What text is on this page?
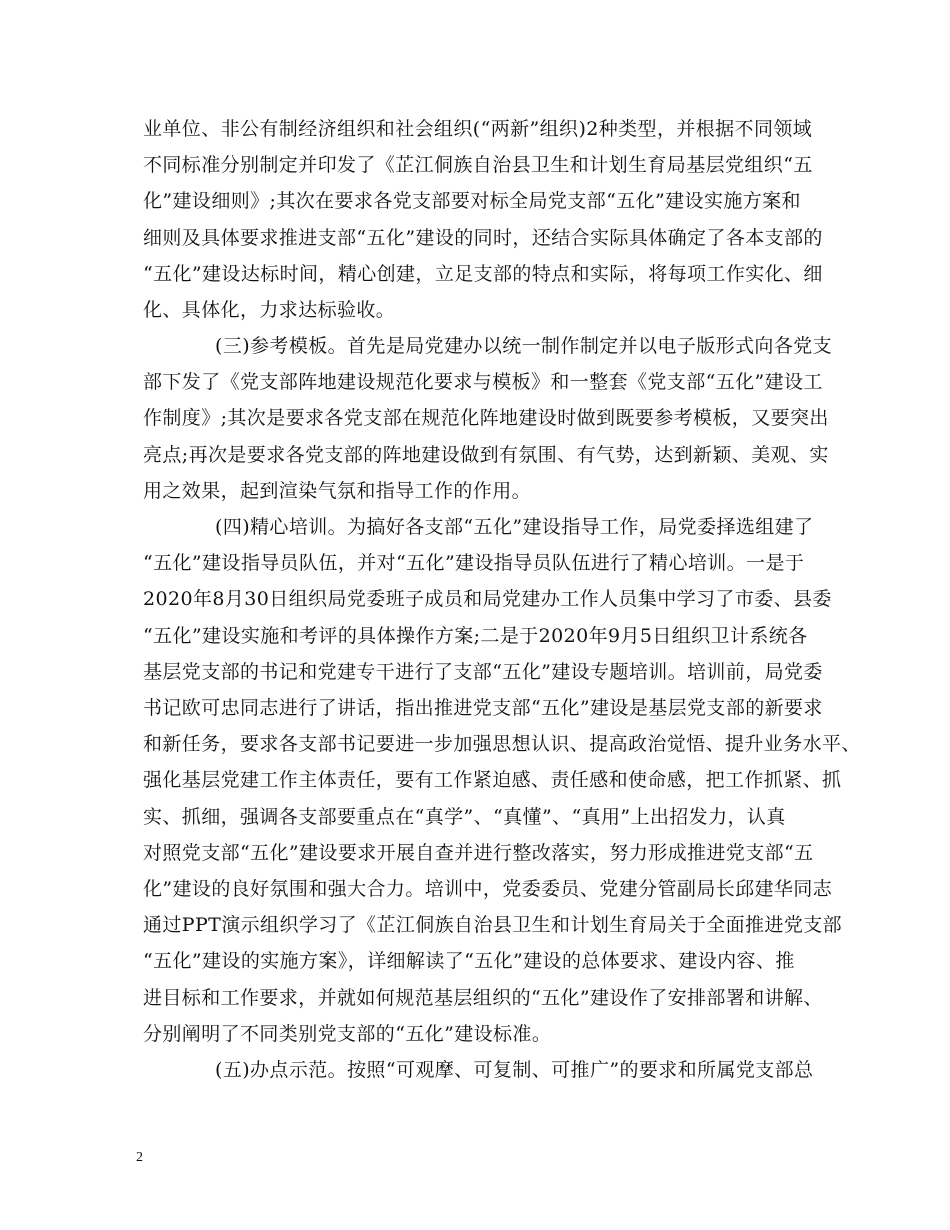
业单位、非公有制经济组织和社会组织(“两新”组织)2种类型，并根据不同领域
不同标准分别制定并印发了《芷江侗族自治县卫生和计划生育局基层党组织“五
化”建设细则》;其次在要求各党支部要对标全局党支部“五化”建设实施方案和
细则及具体要求推进支部“五化”建设的同时，还结合实际具体确定了各本支部的
“五化”建设达标时间，精心创建，立足支部的特点和实际，将每项工作实化、细
化、具体化，力求达标验收。
(三)参考模板。首先是局党建办以统一制作制定并以电子版形式向各党支
部下发了《党支部阵地建设规范化要求与模板》和一整套《党支部“五化”建设工
作制度》;其次是要求各党支部在规范化阵地建设时做到既要参考模板，又要突出
亮点;再次是要求各党支部的阵地建设做到有氛围、有气势，达到新颖、美观、实
用之效果，起到渲染气氛和指导工作的作用。
(四)精心培训。为搞好各支部“五化”建设指导工作，局党委择选组建了
“五化”建设指导员队伍，并对“五化”建设指导员队伍进行了精心培训。一是于
2020年8月30日组织局党委班子成员和局党建办工作人员集中学习了市委、县委
“五化”建设实施和考评的具体操作方案;二是于2020年9月5日组织卫计系统各
基层党支部的书记和党建专干进行了支部“五化”建设专题培训。培训前，局党委
书记欧可忠同志进行了讲话，指出推进党支部“五化”建设是基层党支部的新要求
和新任务，要求各支部书记要进一步加强思想认识、提高政治觉悟、提升业务水平、
强化基层党建工作主体责任，要有工作紧迫感、责任感和使命感，把工作抓紧、抓
实、抓细，强调各支部要重点在“真学”、“真懂”、“真用”上出招发力，认真
对照党支部“五化”建设要求开展自查并进行整改落实，努力形成推进党支部“五
化”建设的良好氛围和强大合力。培训中，党委委员、党建分管副局长邱建华同志
通过PPT演示组织学习了《芷江侗族自治县卫生和计划生育局关于全面推进党支部
“五化”建设的实施方案》，详细解读了“五化”建设的总体要求、建设内容、推
进目标和工作要求，并就如何规范基层组织的“五化”建设作了安排部署和讲解、
分别阐明了不同类别党支部的“五化”建设标准。
(五)办点示范。按照“可观摩、可复制、可推广”的要求和所属党支部总
2
